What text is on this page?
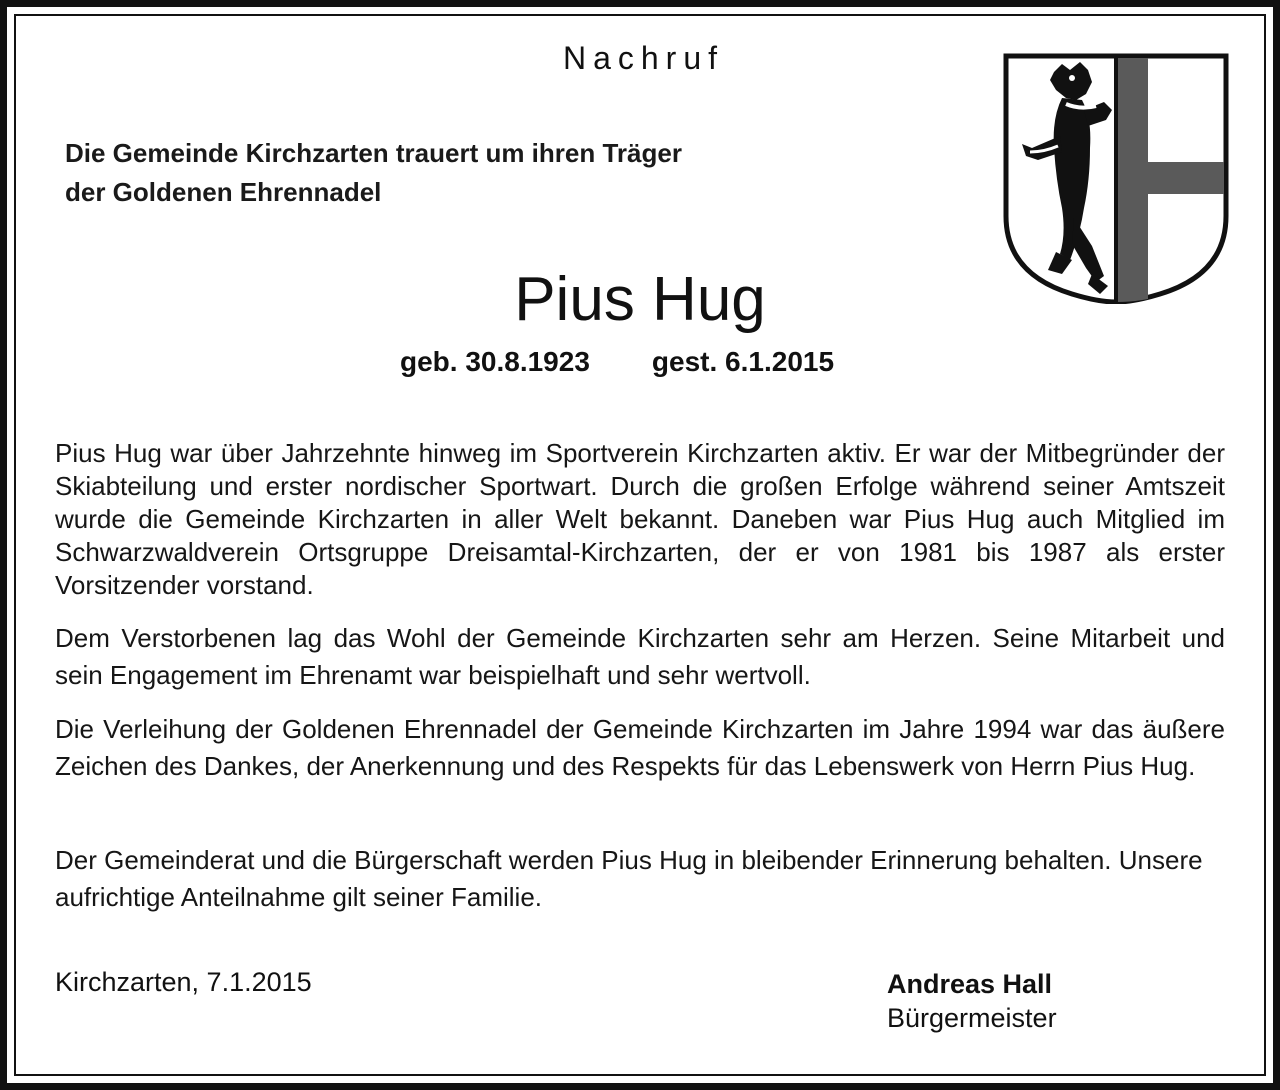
Nachruf
Die Gemeinde Kirchzarten trauert um ihren Träger
der Goldenen Ehrennadel
Pius Hug
geb. 30.8.1923 gest. 6.1.2015

Pius Hug war über Jahrzehnte hinweg im Sportverein Kirchzarten aktiv. Er war der Mitbegründer der Skiabteilung und erster nordischer Sportwart. Durch die großen Erfolge während seiner Amtszeit wurde die Gemeinde Kirchzarten in aller Welt bekannt. Daneben war Pius Hug auch Mitglied im Schwarzwaldverein Ortsgruppe Dreisamtal-Kirchzarten, der er von 1981 bis 1987 als erster Vorsitzender vorstand.

Dem Verstorbenen lag das Wohl der Gemeinde Kirchzarten sehr am Herzen. Seine Mitarbeit und sein Engagement im Ehrenamt war beispielhaft und sehr wertvoll.

Die Verleihung der Goldenen Ehrennadel der Gemeinde Kirchzarten im Jahre 1994 war das äußere Zeichen des Dankes, der Anerkennung und des Respekts für das Lebenswerk von Herrn Pius Hug.

Der Gemeinderat und die Bürgerschaft werden Pius Hug in bleibender Erinnerung behalten. Unsere aufrichtige Anteilnahme gilt seiner Familie.

Kirchzarten, 7.1.2015	Andreas Hall
Bürgermeister
